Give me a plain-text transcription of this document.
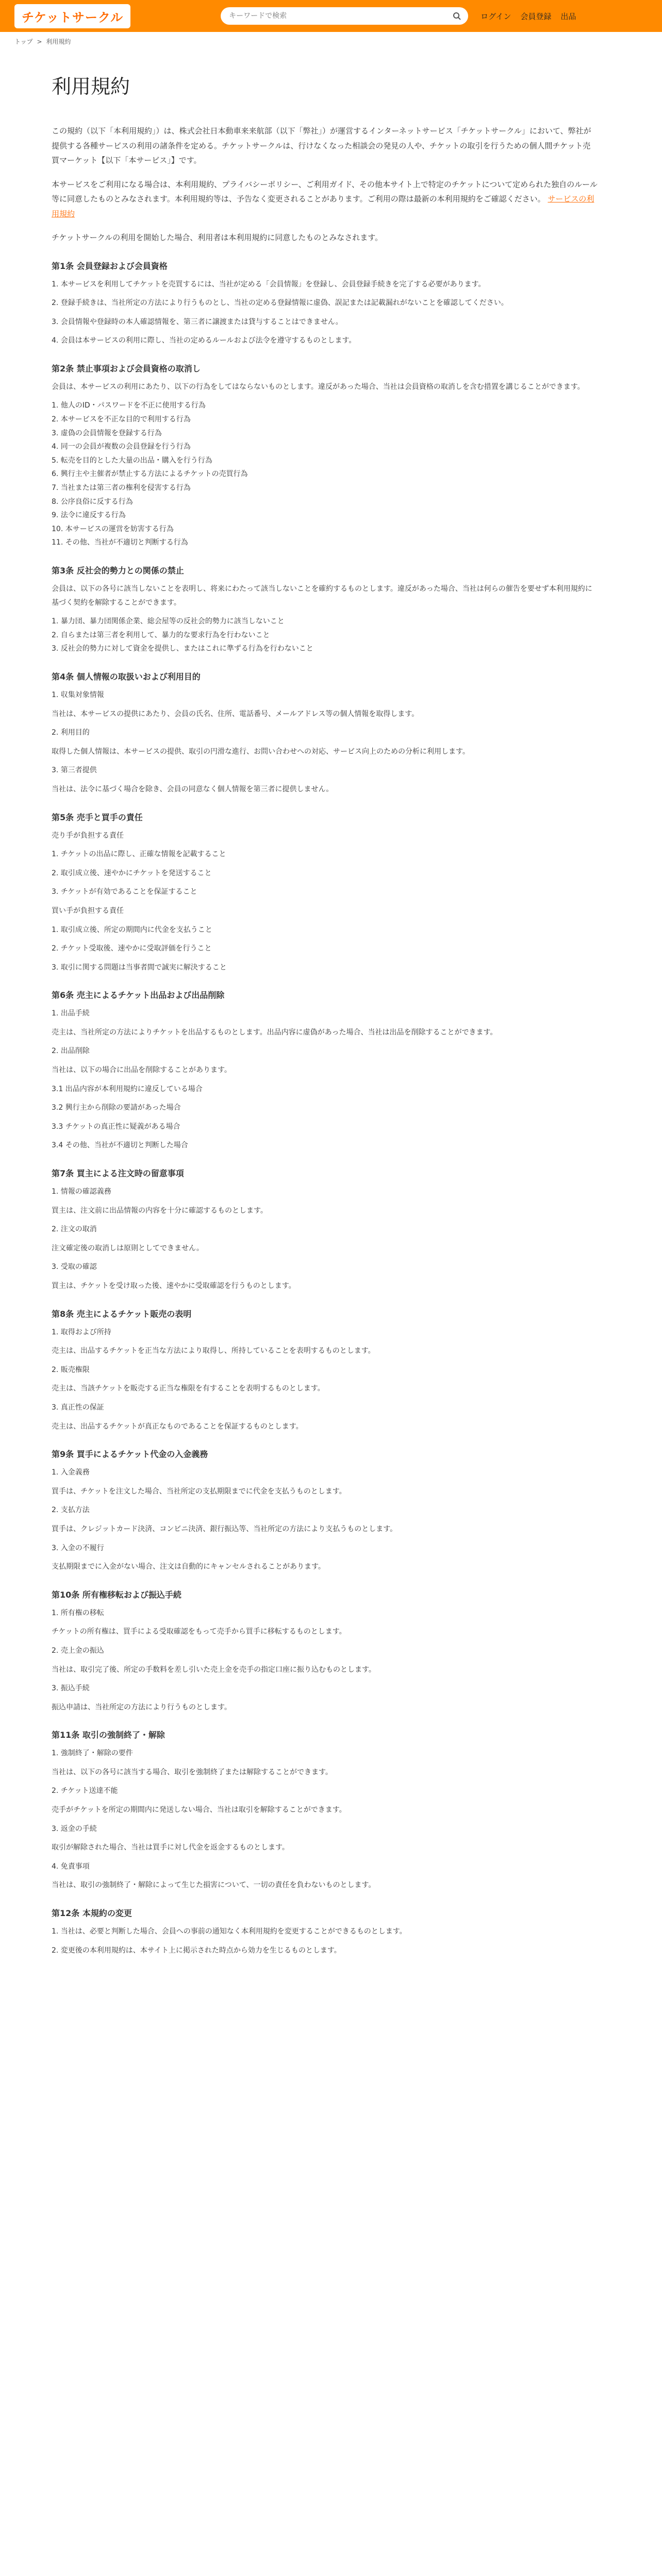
チケットサークル
キーワードで検索	ログイン 会員登録 出品
トップ > 利用規約
利用規約

この規約（以下「本利用規約」）は、株式会社日本動車来来航部（以下「弊社」）が運営するインターネットサービス「チケットサークル」において、弊社が提供する各種サービスの利用の諸条件を定める。チケットサークルは、行けなくなった相談会の発見の人や、チケットの取引を行うための個人間チケット売買マーケット【以下「本サービス」】です。

本サービスをご利用になる場合は、本利用規約、プライバシーポリシー、ご利用ガイド、その他本サイト上で特定のチケットについて定められた独自のルール等に同意したものとみなされます。本利用規約等は、予告なく変更されることがあります。ご利用の際は最新の本利用規約をご確認ください。 サービスの利用規約

チケットサークルの利用を開始した場合、利用者は本利用規約に同意したものとみなされます。

第1条 会員登録および会員資格

1. 本サービスを利用してチケットを売買するには、当社が定める「会員情報」を登録し、会員登録手続きを完了する必要があります。

2. 登録手続きは、当社所定の方法により行うものとし、当社の定める登録情報に虚偽、誤記または記載漏れがないことを確認してください。

3. 会員情報や登録時の本人確認情報を、第三者に譲渡または貸与することはできません。

4. 会員は本サービスの利用に際し、当社の定めるルールおよび法令を遵守するものとします。

第2条 禁止事項および会員資格の取消し

会員は、本サービスの利用にあたり、以下の行為をしてはならないものとします。違反があった場合、当社は会員資格の取消しを含む措置を講じることができます。

1. 他人のID・パスワードを不正に使用する行為
2. 本サービスを不正な目的で利用する行為
3. 虚偽の会員情報を登録する行為
4. 同一の会員が複数の会員登録を行う行為
5. 転売を目的とした大量の出品・購入を行う行為
6. 興行主や主催者が禁止する方法によるチケットの売買行為
7. 当社または第三者の権利を侵害する行為
8. 公序良俗に反する行為
9. 法令に違反する行為
10. 本サービスの運営を妨害する行為
11. その他、当社が不適切と判断する行為
第3条 反社会的勢力との関係の禁止

会員は、以下の各号に該当しないことを表明し、将来にわたって該当しないことを確約するものとします。違反があった場合、当社は何らの催告を要せず本利用規約に基づく契約を解除することができます。

1. 暴力団、暴力団関係企業、総会屋等の反社会的勢力に該当しないこと
2. 自らまたは第三者を利用して、暴力的な要求行為を行わないこと
3. 反社会的勢力に対して資金を提供し、またはこれに準ずる行為を行わないこと
第4条 個人情報の取扱いおよび利用目的

1. 収集対象情報

当社は、本サービスの提供にあたり、会員の氏名、住所、電話番号、メールアドレス等の個人情報を取得します。

2. 利用目的

取得した個人情報は、本サービスの提供、取引の円滑な進行、お問い合わせへの対応、サービス向上のための分析に利用します。

3. 第三者提供

当社は、法令に基づく場合を除き、会員の同意なく個人情報を第三者に提供しません。

第5条 売手と買手の責任

売り手が負担する責任

1. チケットの出品に際し、正確な情報を記載すること

2. 取引成立後、速やかにチケットを発送すること

3. チケットが有効であることを保証すること

買い手が負担する責任

1. 取引成立後、所定の期間内に代金を支払うこと

2. チケット受取後、速やかに受取評価を行うこと

3. 取引に関する問題は当事者間で誠実に解決すること

第6条 売主によるチケット出品および出品削除

1. 出品手続

売主は、当社所定の方法によりチケットを出品するものとします。出品内容に虚偽があった場合、当社は出品を削除することができます。

2. 出品削除

当社は、以下の場合に出品を削除することがあります。

3.1 出品内容が本利用規約に違反している場合

3.2 興行主から削除の要請があった場合

3.3 チケットの真正性に疑義がある場合

3.4 その他、当社が不適切と判断した場合

第7条 買主による注文時の留意事項

1. 情報の確認義務

買主は、注文前に出品情報の内容を十分に確認するものとします。

2. 注文の取消

注文確定後の取消しは原則としてできません。

3. 受取の確認

買主は、チケットを受け取った後、速やかに受取確認を行うものとします。

第8条 売主によるチケット販売の表明

1. 取得および所持

売主は、出品するチケットを正当な方法により取得し、所持していることを表明するものとします。

2. 販売権限

売主は、当該チケットを販売する正当な権限を有することを表明するものとします。

3. 真正性の保証

売主は、出品するチケットが真正なものであることを保証するものとします。

第9条 買手によるチケット代金の入金義務

1. 入金義務

買手は、チケットを注文した場合、当社所定の支払期限までに代金を支払うものとします。

2. 支払方法

買手は、クレジットカード決済、コンビニ決済、銀行振込等、当社所定の方法により支払うものとします。

3. 入金の不履行

支払期限までに入金がない場合、注文は自動的にキャンセルされることがあります。

第10条 所有権移転および振込手続

1. 所有権の移転

チケットの所有権は、買手による受取確認をもって売手から買手に移転するものとします。

2. 売上金の振込

当社は、取引完了後、所定の手数料を差し引いた売上金を売手の指定口座に振り込むものとします。

3. 振込手続

振込申請は、当社所定の方法により行うものとします。

第11条 取引の強制終了・解除

1. 強制終了・解除の要件

当社は、以下の各号に該当する場合、取引を強制終了または解除することができます。

2. チケット送達不能

売手がチケットを所定の期間内に発送しない場合、当社は取引を解除することができます。

3. 返金の手続

取引が解除された場合、当社は買手に対し代金を返金するものとします。

4. 免責事項

当社は、取引の強制終了・解除によって生じた損害について、一切の責任を負わないものとします。

第12条 本規約の変更

1. 当社は、必要と判断した場合、会員への事前の通知なく本利用規約を変更することができるものとします。

2. 変更後の本利用規約は、本サイト上に掲示された時点から効力を生じるものとします。
